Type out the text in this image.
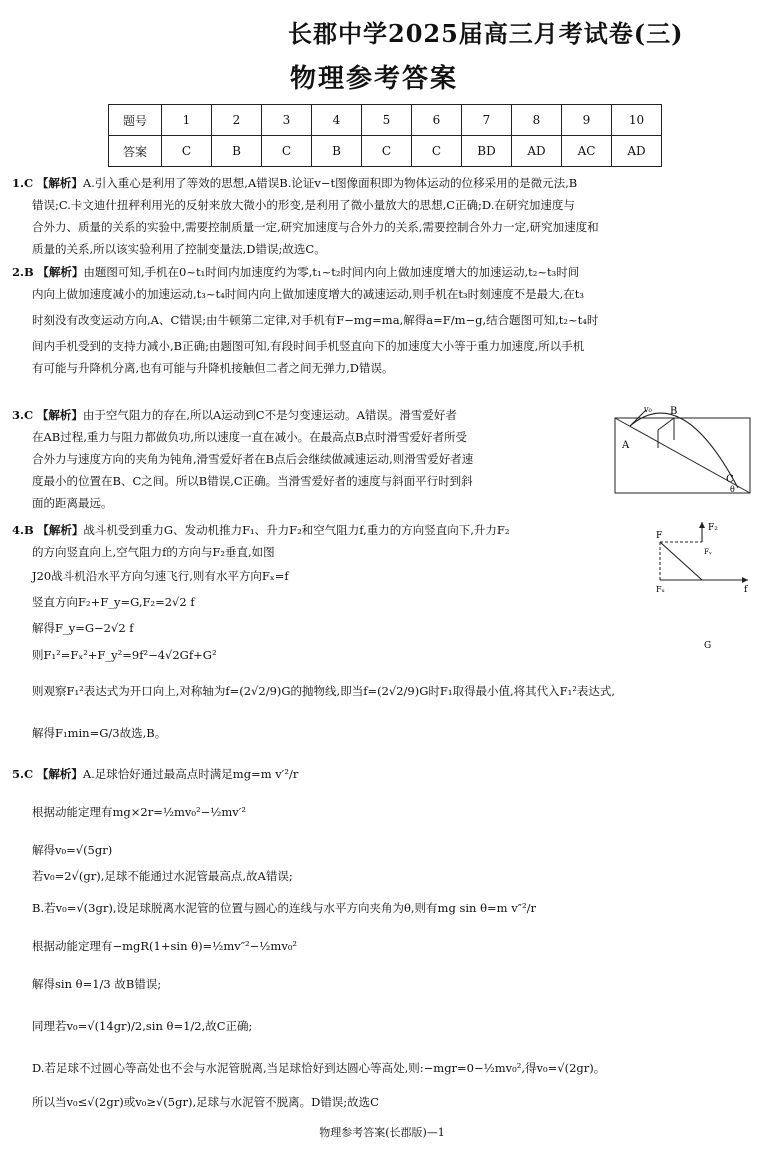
长郡中学2025届高三月考试卷(三)
物理参考答案
题号	1	2	3	4	5	6	7	8	9	10
答案	C	B	C	B	C	C	BD	AD	AC	AD

1.C 【解析】A.引入重心是利用了等效的思想,A错误B.论证v−t图像面积即为物体运动的位移采用的是微元法,B

错误;C.卡文迪什扭秤利用光的反射来放大微小的形变,是利用了微小量放大的思想,C正确;D.在研究加速度与

合外力、质量的关系的实验中,需要控制质量一定,研究加速度与合外力的关系,需要控制合外力一定,研究加速度和

质量的关系,所以该实验利用了控制变量法,D错误;故选C。

2.B 【解析】由题图可知,手机在0~t₁时间内加速度约为零,t₁~t₂时间内向上做加速度增大的加速运动,t₂~t₃时间

内向上做加速度减小的加速运动,t₃~t₄时间内向上做加速度增大的减速运动,则手机在t₃时刻速度不是最大,在t₃

时刻没有改变运动方向,A、C错误;由牛顿第二定律,对手机有F−mg=ma,解得a=F/m−g,结合题图可知,t₂~t₄时

间内手机受到的支持力减小,B正确;由题图可知,有段时间手机竖直向下的加速度大小等于重力加速度,所以手机

有可能与升降机分离,也有可能与升降机接触但二者之间无弹力,D错误。

3.C 【解析】由于空气阻力的存在,所以A运动到C不是匀变速运动。A错误。滑雪爱好者

在AB过程,重力与阻力都做负功,所以速度一直在减小。在最高点B点时滑雪爱好者所受

合外力与速度方向的夹角为钝角,滑雪爱好者在B点后会继续做减速运动,则滑雪爱好者速

度最小的位置在B、C之间。所以B错误,C正确。当滑雪爱好者的速度与斜面平行时到斜

面的距离最远。

v₀ B
A
C
θ

4.B 【解析】战斗机受到重力G、发动机推力F₁、升力F₂和空气阻力f,重力的方向竖直向下,升力F₂

的方向竖直向上,空气阻力f的方向与F₂垂直,如图

J20战斗机沿水平方向匀速飞行,则有水平方向Fₓ=f

竖直方向F₂+F_y=G,F₂=2√2 f

解得F_y=G−2√2 f

则F₁²=Fₓ²+F_y²=9f²−4√2Gf+G²

则观察F₁²表达式为开口向上,对称轴为f=(2√2/9)G的抛物线,即当f=(2√2/9)G时F₁取得最小值,将其代入F₁²表达式,

解得F₁min=G/3故选,B。

F₂
F
Fᵧ
Fₓ	f
G

5.C 【解析】A.足球恰好通过最高点时满足mg=m v′²/r

根据动能定理有mg×2r=½mv₀²−½mv′²

解得v₀=√(5gr)

若v₀=2√(gr),足球不能通过水泥管最高点,故A错误;

B.若v₀=√(3gr),设足球脱离水泥管的位置与圆心的连线与水平方向夹角为θ,则有mg sin θ=m v″²/r

根据动能定理有−mgR(1+sin θ)=½mv″²−½mv₀²

解得sin θ=1/3 故B错误;

同理若v₀=√(14gr)/2,sin θ=1/2,故C正确;

D.若足球不过圆心等高处也不会与水泥管脱离,当足球恰好到达圆心等高处,则:−mgr=0−½mv₀²,得v₀=√(2gr)。

所以当v₀≤√(2gr)或v₀≥√(5gr),足球与水泥管不脱离。D错误;故选C

物理参考答案(长郡版)—1
